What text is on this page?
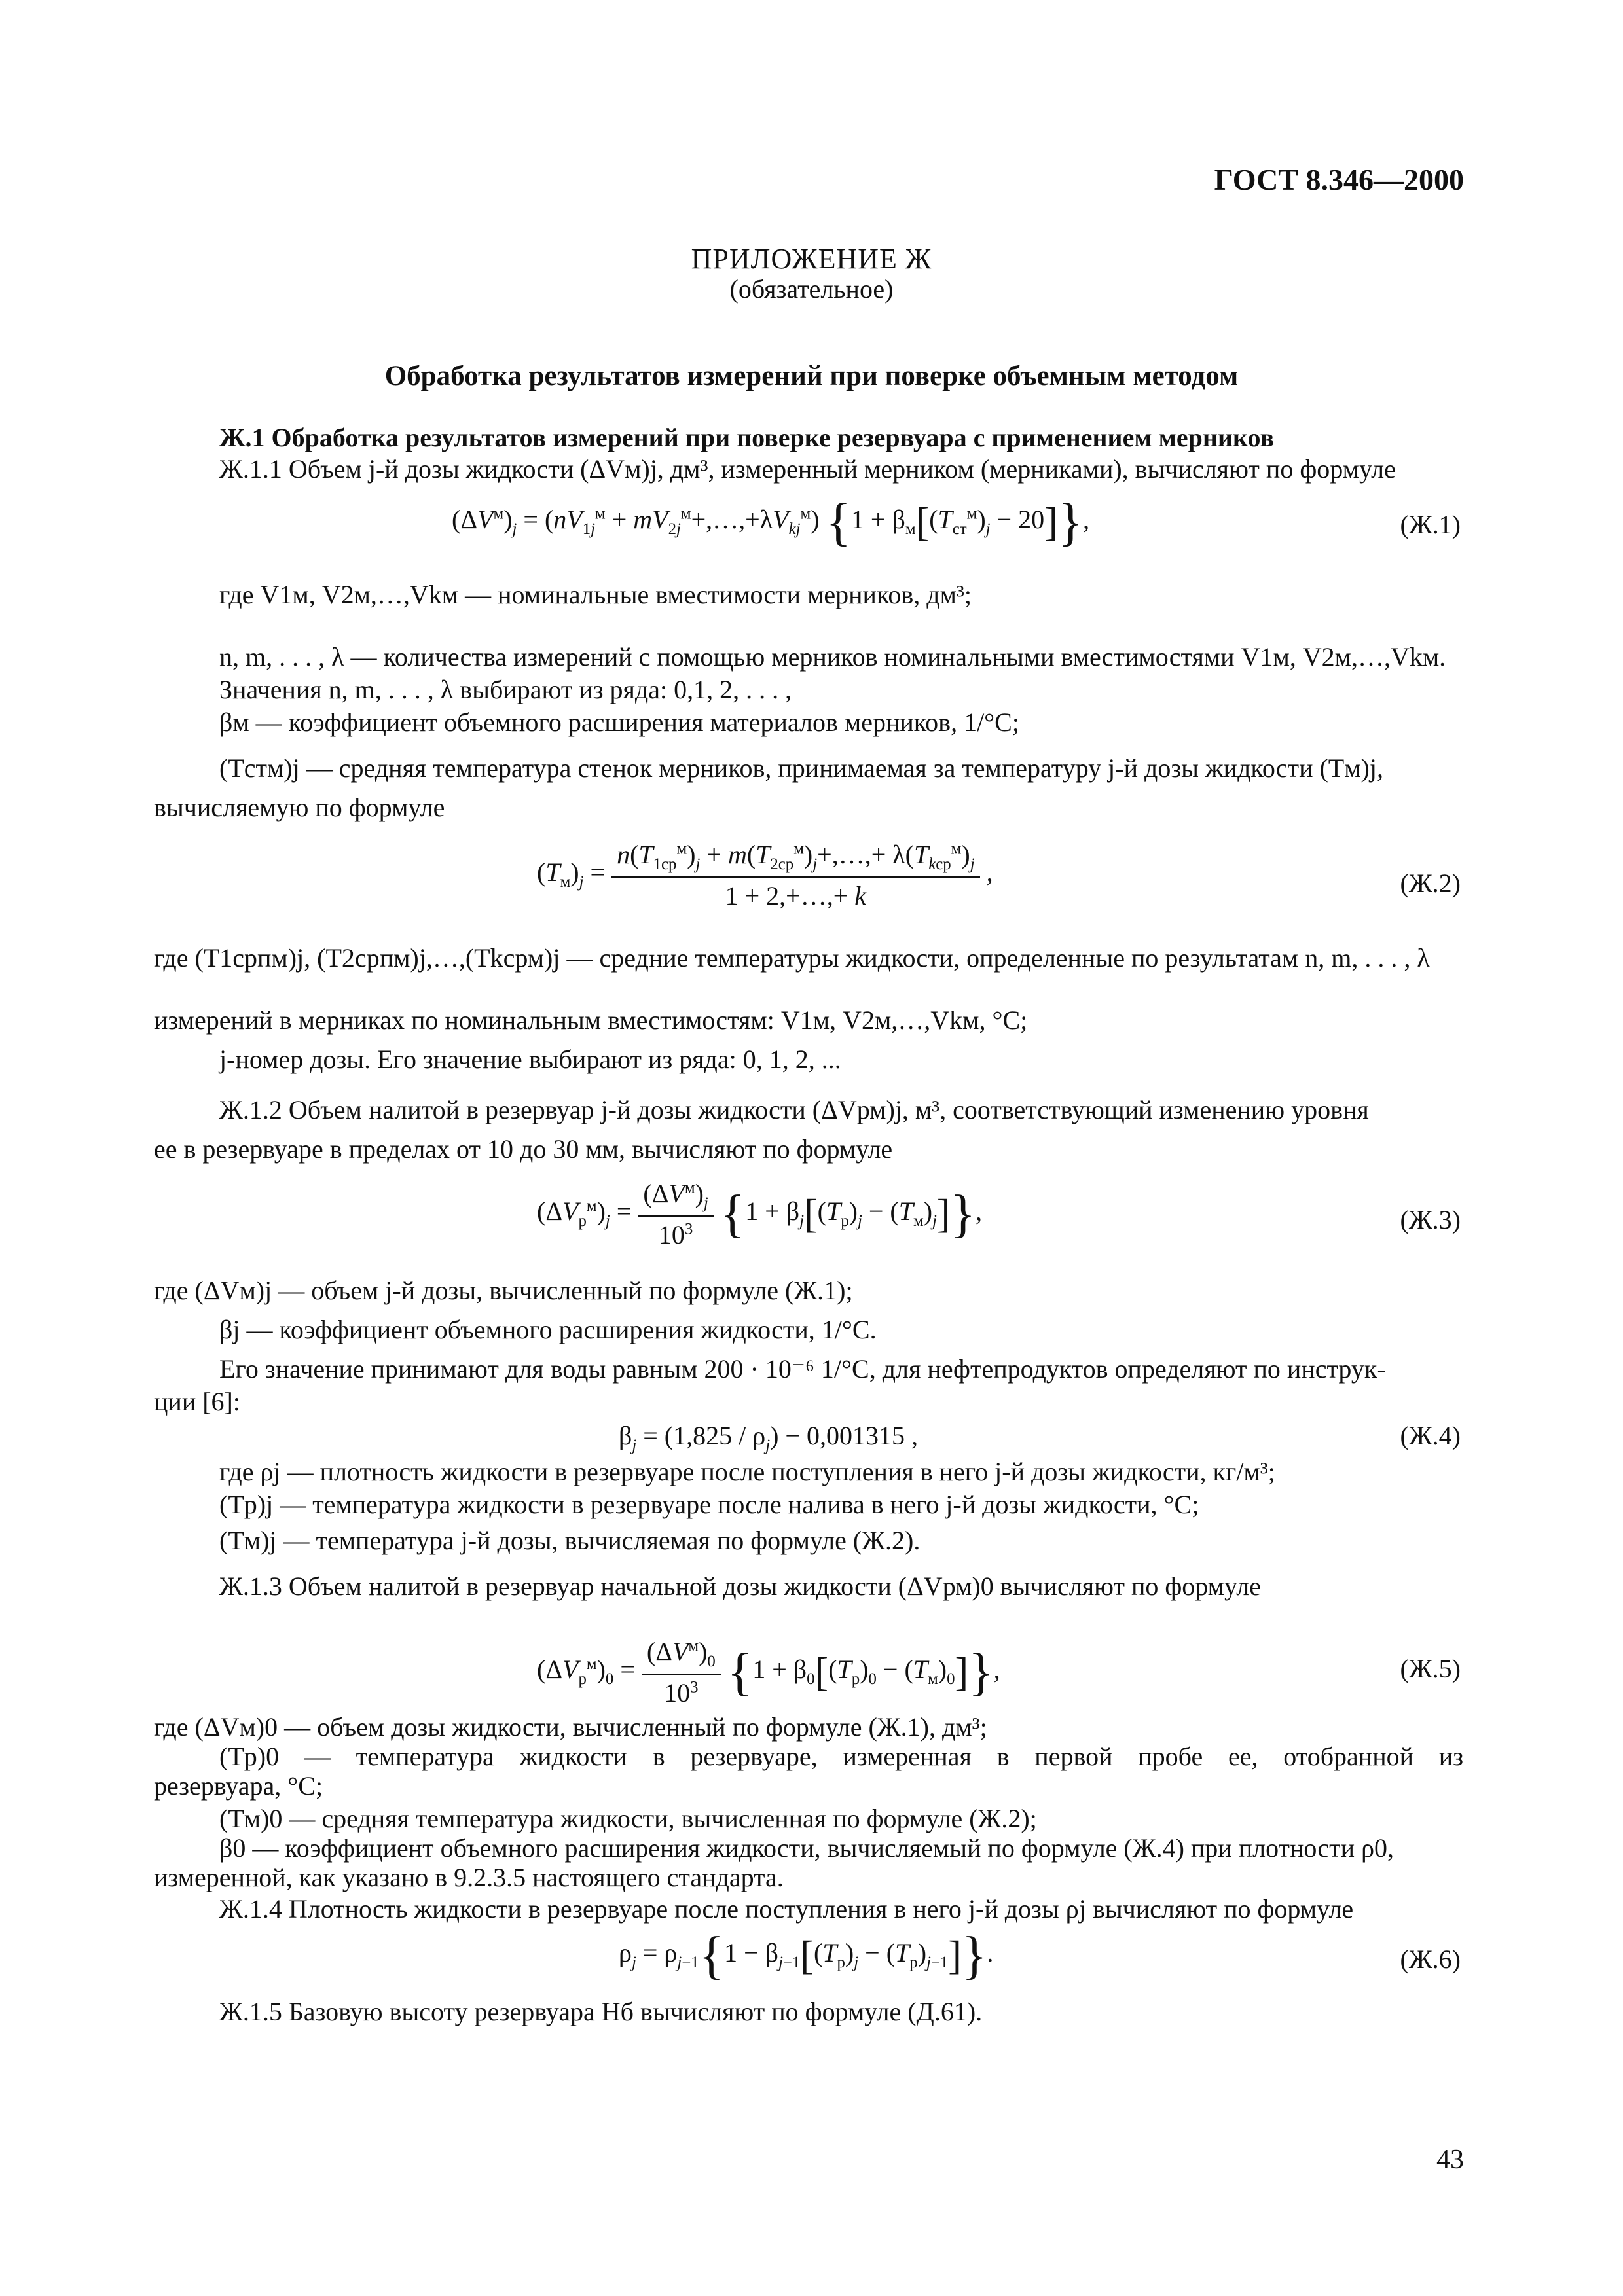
ГОСТ 8.346—2000
ПРИЛОЖЕНИЕ Ж
(обязательное)
Обработка результатов измерений при поверке объемным методом
Ж.1 Обработка результатов измерений при поверке резервуара с применением мерников
Ж.1.1 Объем j-й дозы жидкости (ΔVм)j, дм³, измеренный мерником (мерниками), вычисляют по формуле
$(\Delta V^м)_j = (nV_{1j}^м$ + $mV_{2j}^м+,\dots,+\lambda V_{kj}^м$) $\{1 + \beta_м[(T_{ст}^м)_j - 20]\}$,	(Ж.1)
где V1м, V2м,…,Vkм — номинальные вместимости мерников, дм³;
n, m, . . . , λ — количества измерений с помощью мерников номинальными вместимостями V1м, V2м,…,Vkм.
Значения n, m, . . . , λ выбирают из ряда: 0,1, 2, . . . ,
βм — коэффициент объемного расширения материалов мерников, 1/°С;
(Tстм)j — средняя температура стенок мерников, принимаемая за температуру j-й дозы жидкости (Tм)j,
вычисляемую по формуле
$(T_м)_j = \frac{n(T_{1ср}^м)_j + m(T_{2ср}^м)_j+,\dots,+ \lambda(T_{kср}^м)_j}{1 + 2,+\dots,+ k}$ ,	(Ж.2)
где (T1српм)j, (T2српм)j,…,(Tkсрм)j — средние температуры жидкости, определенные по результатам n, m, . . . , λ
измерений в мерниках по номинальным вместимостям: V1м, V2м,…,Vkм, °C;
j-номер дозы. Его значение выбирают из ряда: 0, 1, 2, ...
Ж.1.2 Объем налитой в резервуар j-й дозы жидкости (ΔVрм)j, м³, соответствующий изменению уровня
ее в резервуаре в пределах от 10 до 30 мм, вычисляют по формуле
$(\Delta V_р^м)_j = \frac{(\Delta V^м)_j}{10^3} \{1 + \beta_j[(T_р)_j - (T_м)_j]\}$,	(Ж.3)
где (ΔVм)j — объем j-й дозы, вычисленный по формуле (Ж.1);
βj — коэффициент объемного расширения жидкости, 1/°С.
Его значение принимают для воды равным 200 · 10⁻⁶ 1/°С, для нефтепродуктов определяют по инструк-
ции [6]:
$\beta_j = (1,825 / \rho_j) - 0,001315$ ,	(Ж.4)
где ρj — плотность жидкости в резервуаре после поступления в него j-й дозы жидкости, кг/м³;
(Tр)j — температура жидкости в резервуаре после налива в него j-й дозы жидкости, °С;
(Tм)j — температура j-й дозы, вычисляемая по формуле (Ж.2).
Ж.1.3 Объем налитой в резервуар начальной дозы жидкости (ΔVрм)0 вычисляют по формуле
$(\Delta V_р^м)_0 = \frac{(\Delta V^м)_0}{10^3} \{1 + \beta_0[(T_р)_0 - (T_м)_0]\}$,	(Ж.5)
где (ΔVм)0 — объем дозы жидкости, вычисленный по формуле (Ж.1), дм³;
(Tр)0 — температура жидкости в резервуаре, измеренная в первой пробе ее, отобранной из
резервуара, °С;
(Tм)0 — средняя температура жидкости, вычисленная по формуле (Ж.2);
β0 — коэффициент объемного расширения жидкости, вычисляемый по формуле (Ж.4) при плотности ρ0,
измеренной, как указано в 9.2.3.5 настоящего стандарта.
Ж.1.4 Плотность жидкости в резервуаре после поступления в него j-й дозы ρj вычисляют по формуле
$\rho_j = \rho_{j-1}\{1 - \beta_{j-1}[(T_р)_j - (T_р)_{j-1}]\}$.	(Ж.6)
Ж.1.5 Базовую высоту резервуара Hб вычисляют по формуле (Д.61).
43
